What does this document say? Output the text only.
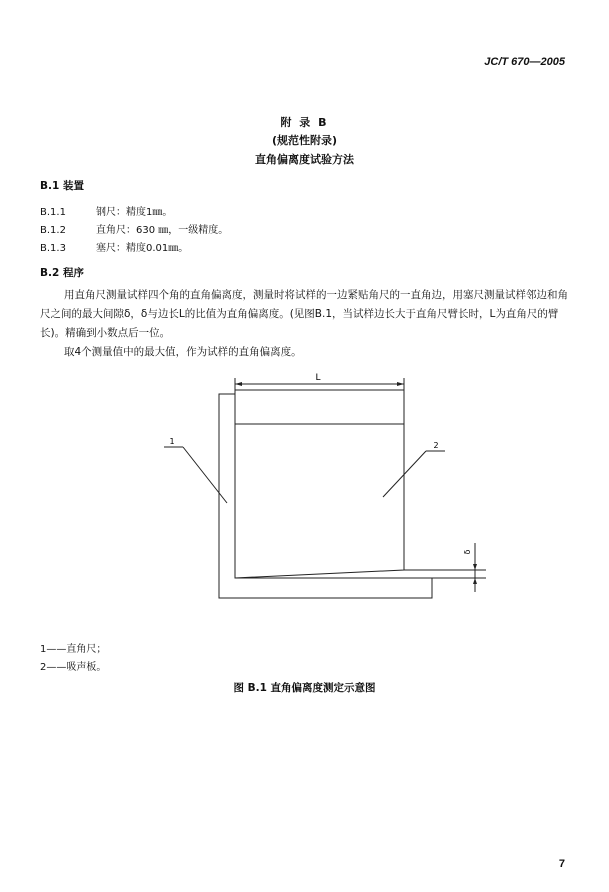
JC/T 670—2005
附 录 B
(规范性附录)
直角偏离度试验方法
B.1 装置
B.1.1	钢尺：精度1㎜。
B.1.2	直角尺：630 ㎜，一级精度。
B.1.3	塞尺：精度0.01㎜。
B.2 程序

用直角尺测量试样四个角的直角偏离度，测量时将试样的一边紧贴角尺的一直角边，用塞尺测量试样邻边和角尺之间的最大间隙δ，δ与边长L的比值为直角偏离度。(见图B.1，当试样边长大于直角尺臂长时，L为直角尺的臂长)。精确到小数点后一位。

取4个测量值中的最大值，作为试样的直角偏离度。

L
1	2
δ
1——直角尺；
2——吸声板。
图 B.1 直角偏离度测定示意图
7
